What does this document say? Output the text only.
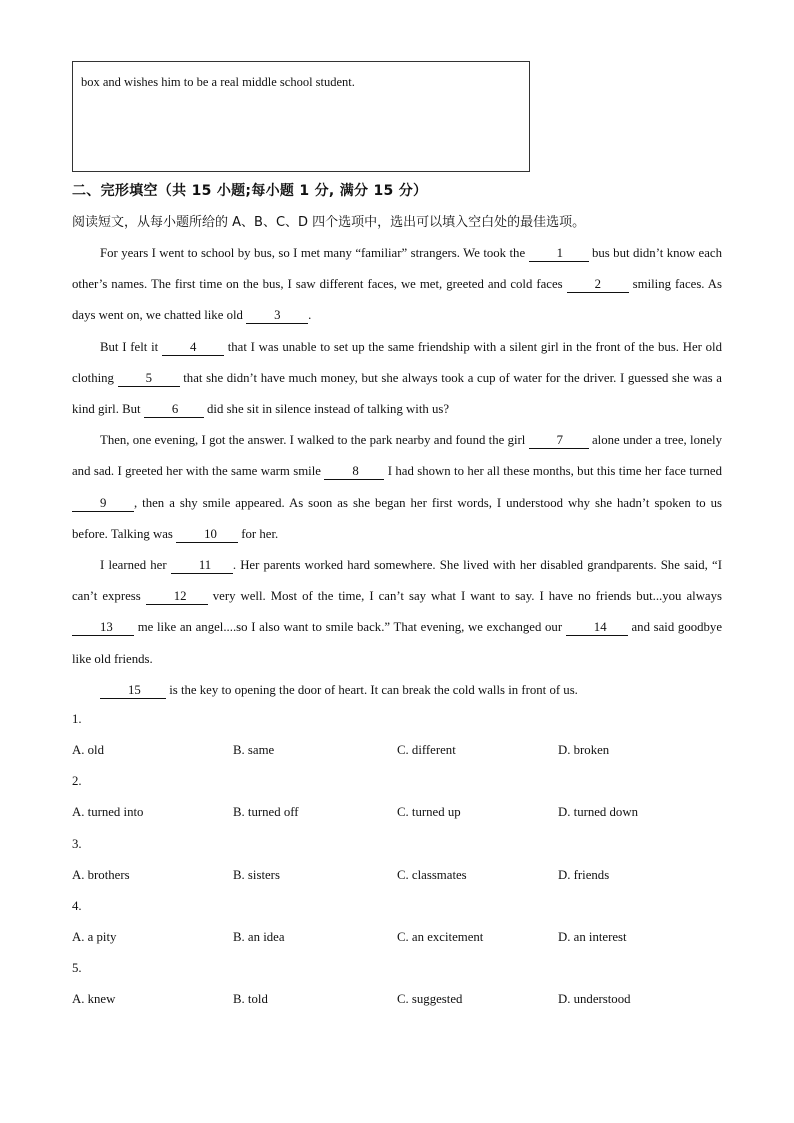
box and wishes him to be a real middle school student.
二、完形填空（共 15 小题;每小题 1 分, 满分 15 分）
阅读短文，从每小题所给的 A、B、C、D 四个选项中，选出可以填入空白处的最佳选项。

For years I went to school by bus, so I met many “familiar” strangers. We took the 1 bus but didn’t know each other’s names. The first time on the bus, I saw different faces, we met, greeted and cold faces	2 smiling faces. As days went on, we chatted like old 3 .

But I felt it 4 that I was unable to set up the same friendship with a silent girl in the front of the bus. Her old clothing 5 that she didn’t have much money, but she always took a cup of water for the driver. I guessed she was a kind girl. But 6 did she sit in silence instead of talking with us?

Then, one evening, I got the answer. I walked to the park nearby and found the girl 7 alone under a tree, lonely and sad. I greeted her with the same warm smile 8 I had shown to her all these months, but this time her face turned 9 , then a shy smile appeared. As soon as she began her first words, I understood why she hadn’t spoken to us before. Talking was 10 for her.

I learned her	11 . Her parents worked hard somewhere. She lived with her disabled grandparents. She said, “I can’t express	12 very well. Most of the time, I can’t say what I want to say. I have no friends but...you always 13 me like an angel....so I also want to smile back.” That evening, we exchanged our 14 and said goodbye like old friends.

15 is the key to opening the door of heart. It can break the cold walls in front of us.

1.
A. old	B. same	C. different	D. broken
2.
A. turned into	B. turned off	C. turned up	D. turned down
3.
A. brothers	B. sisters	C. classmates	D. friends
4.
A. a pity	B. an idea	C. an excitement	D. an interest
5.
A. knew	B. told	C. suggested	D. understood
